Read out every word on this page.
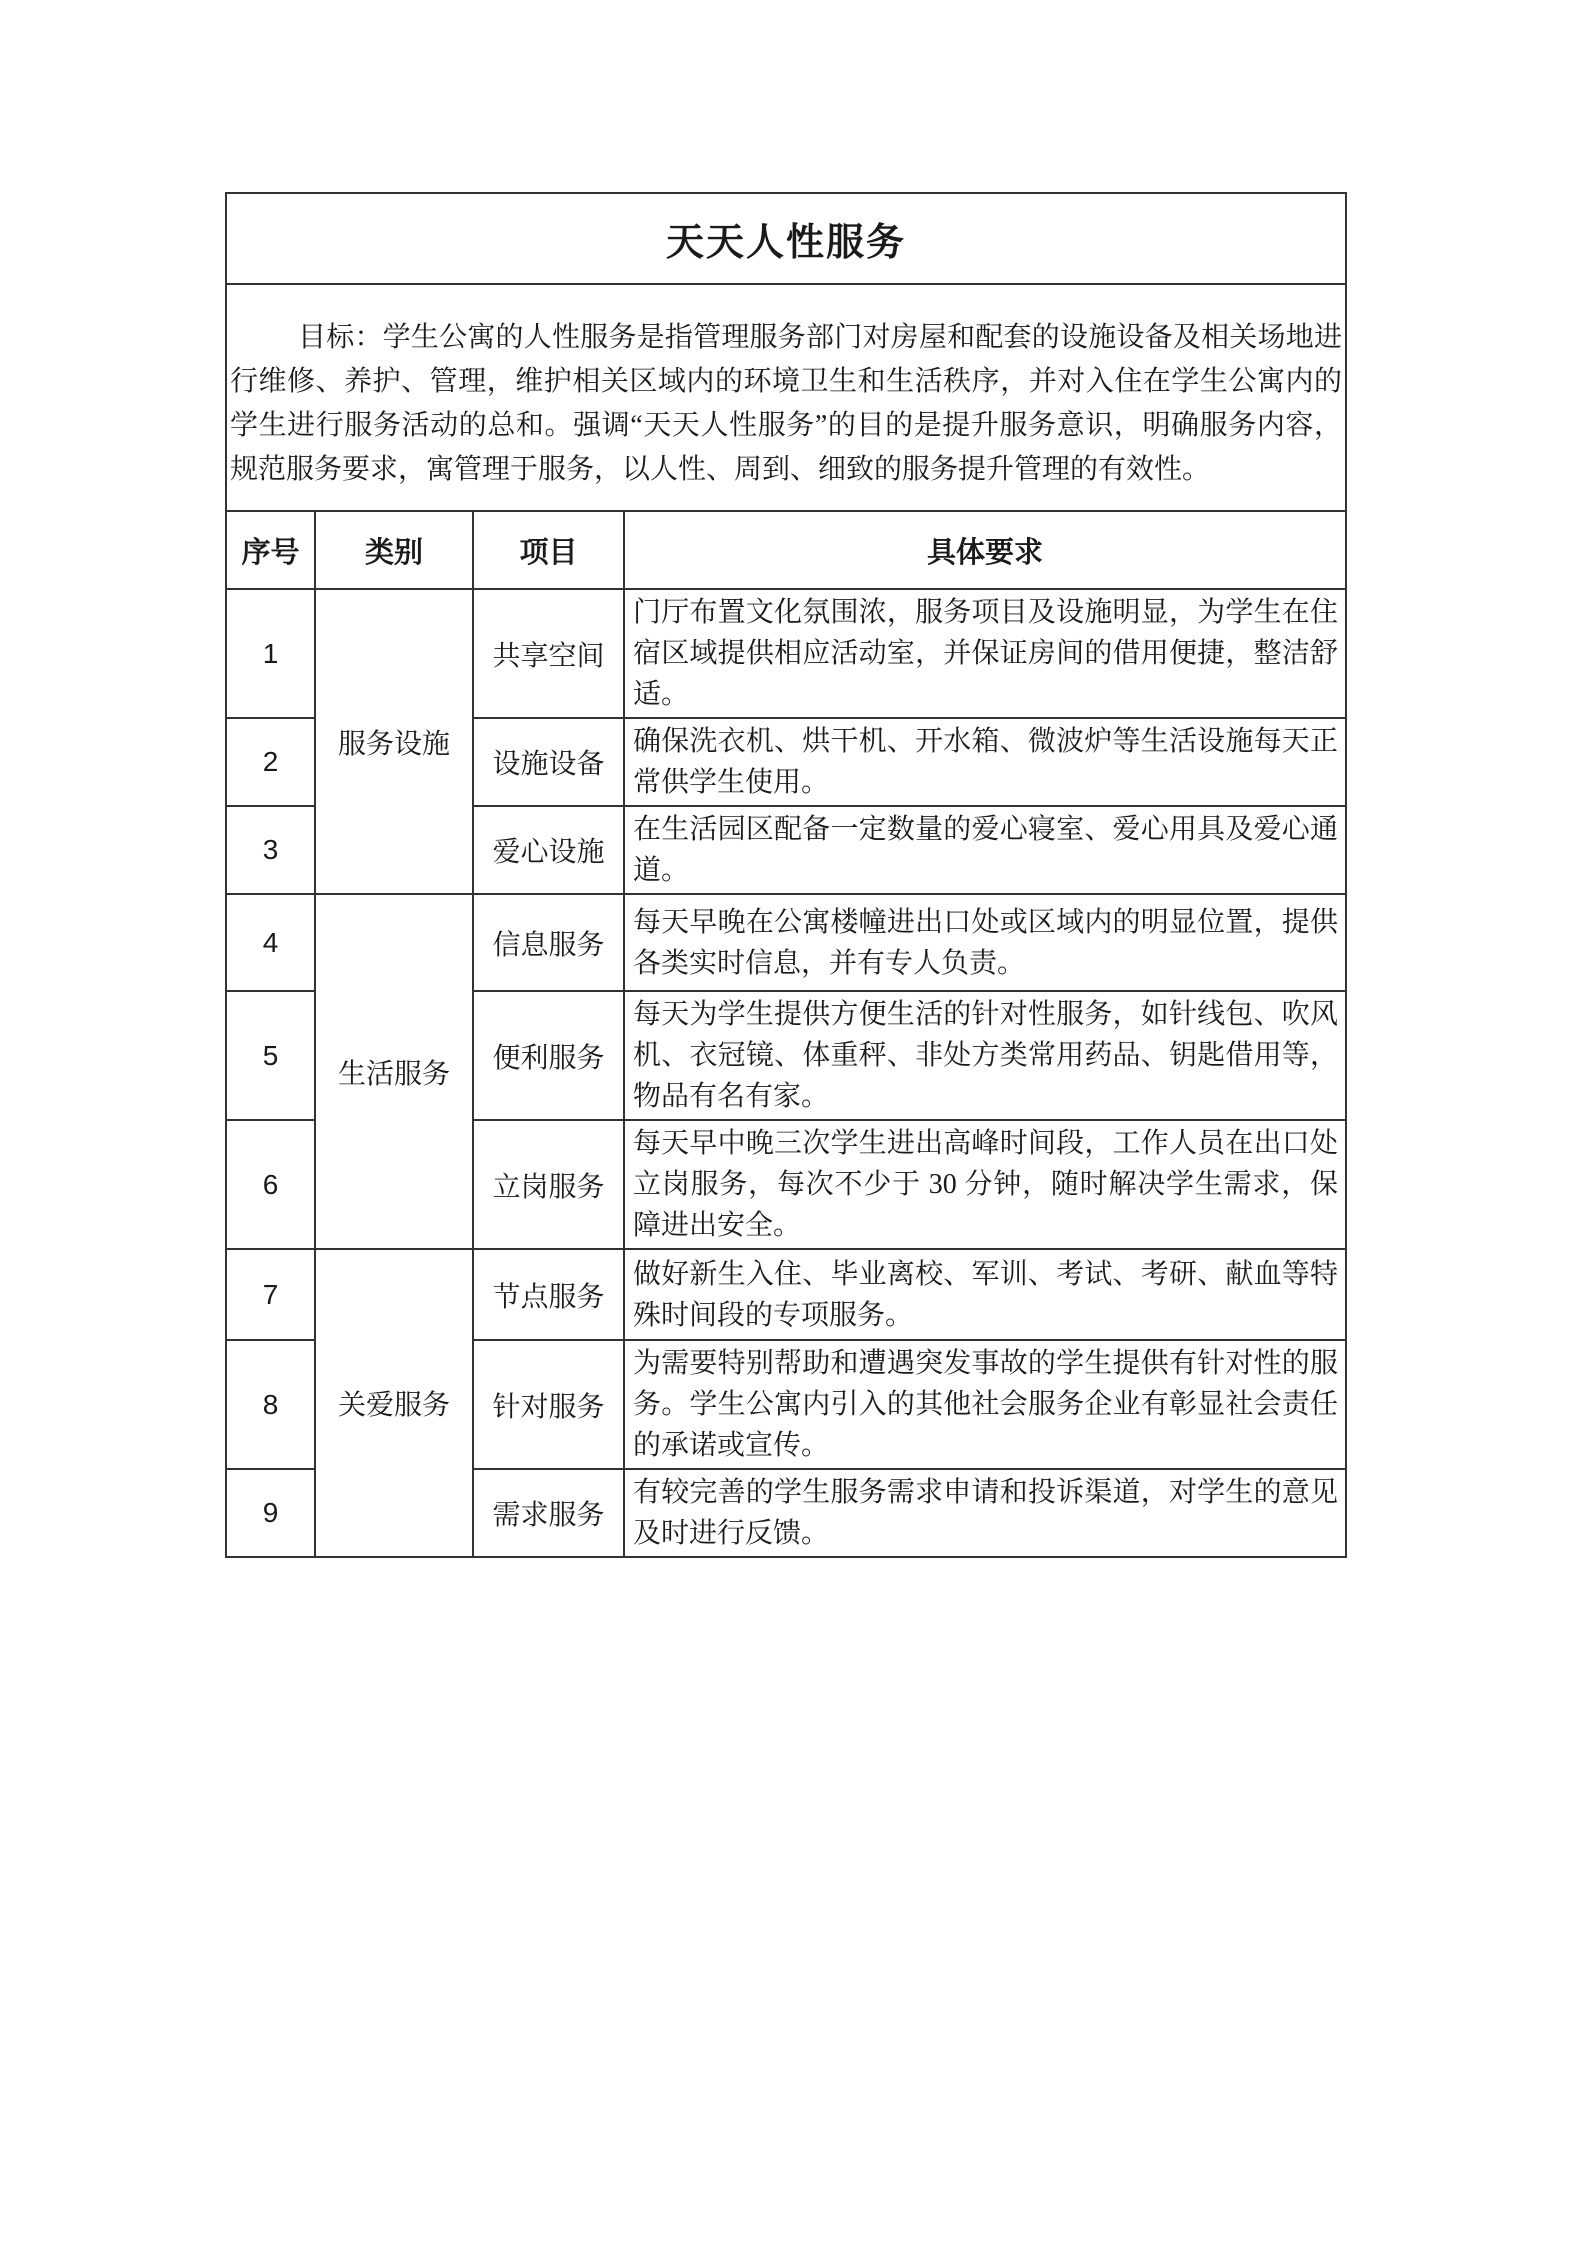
天天人性服务			

目标：学生公寓的人性服务是指管理服务部门对房屋和配套的设施设备及相关场地进行维修、养护、管理，维护相关区域内的环境卫生和生活秩序，并对入住在学生公寓内的学生进行服务活动的总和。强调“天天人性服务”的目的是提升服务意识，明确服务内容，规范服务要求，寓管理于服务，以人性、周到、细致的服务提升管理的有效性。			

序号	类别	项目	具体要求
1	服务设施	共享空间	门厅布置文化氛围浓，服务项目及设施明显，为学生在住宿区域提供相应活动室，并保证房间的借用便捷，整洁舒适。
2		设施设备	确保洗衣机、烘干机、开水箱、微波炉等生活设施每天正常供学生使用。
3		爱心设施	在生活园区配备一定数量的爱心寝室、爱心用具及爱心通道。
4	生活服务	信息服务	每天早晚在公寓楼幢进出口处或区域内的明显位置，提供各类实时信息，并有专人负责。
5		便利服务	每天为学生提供方便生活的针对性服务，如针线包、吹风机、衣冠镜、体重秤、非处方类常用药品、钥匙借用等，物品有名有家。
6		立岗服务	每天早中晚三次学生进出高峰时间段，工作人员在出口处立岗服务，每次不少于 30 分钟，随时解决学生需求，保障进出安全。
7	关爱服务	节点服务	做好新生入住、毕业离校、军训、考试、考研、献血等特殊时间段的专项服务。
8		针对服务	为需要特别帮助和遭遇突发事故的学生提供有针对性的服务。学生公寓内引入的其他社会服务企业有彰显社会责任的承诺或宣传。
9		需求服务	有较完善的学生服务需求申请和投诉渠道，对学生的意见及时进行反馈。
